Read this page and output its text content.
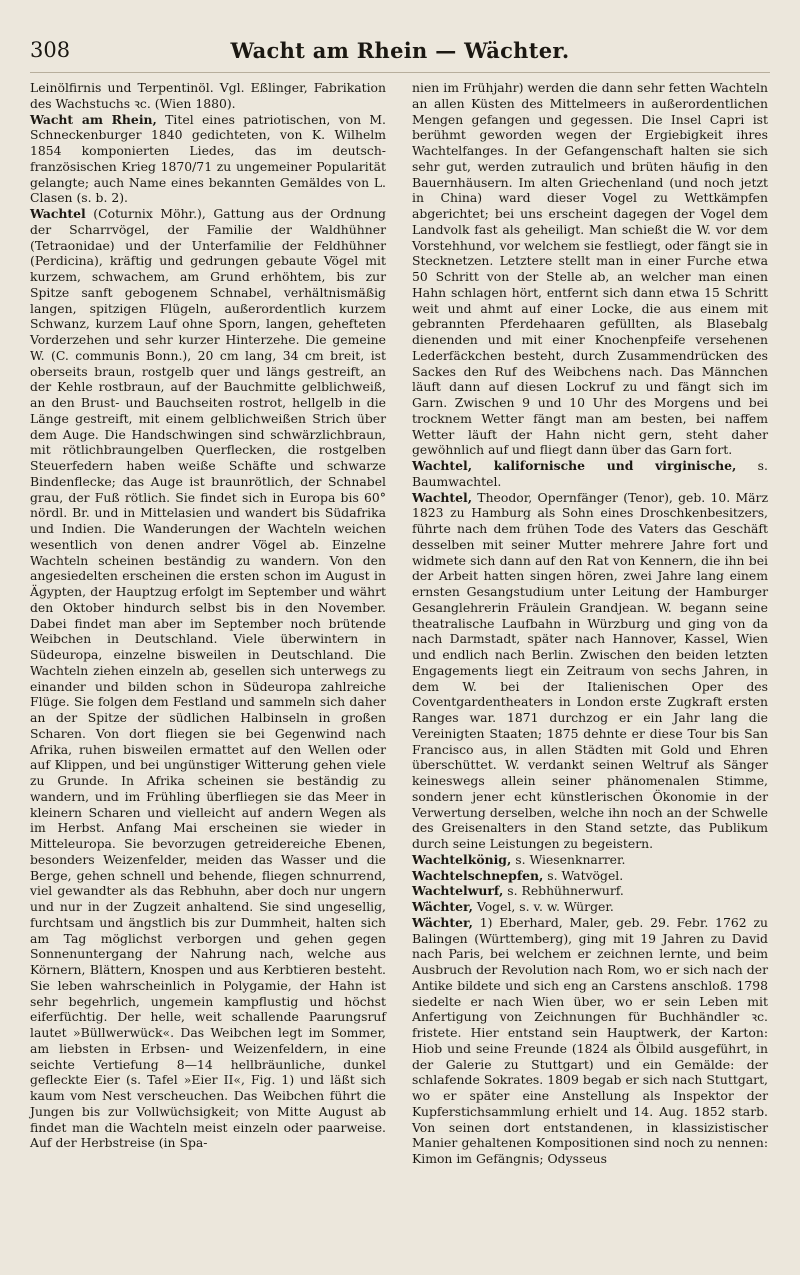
308	Wacht am Rhein — Wächter.

Leinölfirnis und Terpentinöl. Vgl. Eßlinger, Fabrikation des Wachstuchs ꝛc. (Wien 1880).

Wacht am Rhein, Titel eines patriotischen, von M. Schneckenburger 1840 gedichteten, von K. Wilhelm 1854 komponierten Liedes, das im deutsch-französischen Krieg 1870/71 zu ungemeiner Popularität gelangte; auch Name eines bekannten Gemäldes von L. Clasen (s. b. 2).

Wachtel (Coturnix Möhr.), Gattung aus der Ordnung der Scharrvögel, der Familie der Waldhühner (Tetraonidae) und der Unterfamilie der Feldhühner (Perdicina), kräftig und gedrungen gebaute Vögel mit kurzem, schwachem, am Grund erhöhtem, bis zur Spitze sanft gebogenem Schnabel, verhältnismäßig langen, spitzigen Flügeln, außerordentlich kurzem Schwanz, kurzem Lauf ohne Sporn, langen, gehefteten Vorderzehen und sehr kurzer Hinterzehe. Die gemeine W. (C. communis Bonn.), 20 cm lang, 34 cm breit, ist oberseits braun, rostgelb quer und längs gestreift, an der Kehle rostbraun, auf der Bauchmitte gelblichweiß, an den Brust- und Bauchseiten rostrot, hellgelb in die Länge gestreift, mit einem gelblichweißen Strich über dem Auge. Die Handschwingen sind schwärzlichbraun, mit rötlichbraungelben Querflecken, die rostgelben Steuerfedern haben weiße Schäfte und schwarze Bindenflecke; das Auge ist braunrötlich, der Schnabel grau, der Fuß rötlich. Sie findet sich in Europa bis 60° nördl. Br. und in Mittelasien und wandert bis Südafrika und Indien. Die Wanderungen der Wachteln weichen wesentlich von denen andrer Vögel ab. Einzelne Wachteln scheinen beständig zu wandern. Von den angesiedelten erscheinen die ersten schon im August in Ägypten, der Hauptzug erfolgt im September und währt den Oktober hindurch selbst bis in den November. Dabei findet man aber im September noch brütende Weibchen in Deutschland. Viele überwintern in Südeuropa, einzelne bisweilen in Deutschland. Die Wachteln ziehen einzeln ab, gesellen sich unterwegs zu einander und bilden schon in Südeuropa zahlreiche Flüge. Sie folgen dem Festland und sammeln sich daher an der Spitze der südlichen Halbinseln in großen Scharen. Von dort fliegen sie bei Gegenwind nach Afrika, ruhen bisweilen ermattet auf den Wellen oder auf Klippen, und bei ungünstiger Witterung gehen viele zu Grunde. In Afrika scheinen sie beständig zu wandern, und im Frühling überfliegen sie das Meer in kleinern Scharen und vielleicht auf andern Wegen als im Herbst. Anfang Mai erscheinen sie wieder in Mitteleuropa. Sie bevorzugen getreidereiche Ebenen, besonders Weizenfelder, meiden das Wasser und die Berge, gehen schnell und behende, fliegen schnurrend, viel gewandter als das Rebhuhn, aber doch nur ungern und nur in der Zugzeit anhaltend. Sie sind ungesellig, furchtsam und ängstlich bis zur Dummheit, halten sich am Tag möglichst verborgen und gehen gegen Sonnenuntergang der Nahrung nach, welche aus Körnern, Blättern, Knospen und aus Kerbtieren besteht. Sie leben wahrscheinlich in Polygamie, der Hahn ist sehr begehrlich, ungemein kampflustig und höchst eiferfüchtig. Der helle, weit schallende Paarungsruf lautet »Büllwerwück«. Das Weibchen legt im Sommer, am liebsten in Erbsen- und Weizenfeldern, in eine seichte Vertiefung 8—14 hellbräunliche, dunkel gefleckte Eier (s. Tafel »Eier II«, Fig. 1) und läßt sich kaum vom Nest verscheuchen. Das Weibchen führt die Jungen bis zur Vollwüchsigkeit; von Mitte August ab findet man die Wachteln meist einzeln oder paarweise. Auf der Herbstreise (in Spa-

nien im Frühjahr) werden die dann sehr fetten Wachteln an allen Küsten des Mittelmeers in außerordentlichen Mengen gefangen und gegessen. Die Insel Capri ist berühmt geworden wegen der Ergiebigkeit ihres Wachtelfanges. In der Gefangenschaft halten sie sich sehr gut, werden zutraulich und brüten häufig in den Bauernhäusern. Im alten Griechenland (und noch jetzt in China) ward dieser Vogel zu Wettkämpfen abgerichtet; bei uns erscheint dagegen der Vogel dem Landvolk fast als geheiligt. Man schießt die W. vor dem Vorstehhund, vor welchem sie festliegt, oder fängt sie in Stecknetzen. Letztere stellt man in einer Furche etwa 50 Schritt von der Stelle ab, an welcher man einen Hahn schlagen hört, entfernt sich dann etwa 15 Schritt weit und ahmt auf einer Locke, die aus einem mit gebrannten Pferdehaaren gefüllten, als Blasebalg dienenden und mit einer Knochenpfeife versehenen Lederfäckchen besteht, durch Zusammendrücken des Sackes den Ruf des Weibchens nach. Das Männchen läuft dann auf diesen Lockruf zu und fängt sich im Garn. Zwischen 9 und 10 Uhr des Morgens und bei trocknem Wetter fängt man am besten, bei naffem Wetter läuft der Hahn nicht gern, steht daher gewöhnlich auf und fliegt dann über das Garn fort.

Wachtel, kalifornische und virginische, s. Baumwachtel.

Wachtel, Theodor, Opernfänger (Tenor), geb. 10. März 1823 zu Hamburg als Sohn eines Droschkenbesitzers, führte nach dem frühen Tode des Vaters das Geschäft desselben mit seiner Mutter mehrere Jahre fort und widmete sich dann auf den Rat von Kennern, die ihn bei der Arbeit hatten singen hören, zwei Jahre lang einem ernsten Gesangstudium unter Leitung der Hamburger Gesanglehrerin Fräulein Grandjean. W. begann seine theatralische Laufbahn in Würzburg und ging von da nach Darmstadt, später nach Hannover, Kassel, Wien und endlich nach Berlin. Zwischen den beiden letzten Engagements liegt ein Zeitraum von sechs Jahren, in dem W. bei der Italienischen Oper des Coventgardentheaters in London erste Zugkraft ersten Ranges war. 1871 durchzog er ein Jahr lang die Vereinigten Staaten; 1875 dehnte er diese Tour bis San Francisco aus, in allen Städten mit Gold und Ehren überschüttet. W. verdankt seinen Weltruf als Sänger keineswegs allein seiner phänomenalen Stimme, sondern jener echt künstlerischen Ökonomie in der Verwertung derselben, welche ihn noch an der Schwelle des Greisenalters in den Stand setzte, das Publikum durch seine Leistungen zu begeistern.

Wachtelkönig, s. Wiesenknarrer.

Wachtelschnepfen, s. Watvögel.

Wachtelwurf, s. Rebhühnerwurf.

Wächter, Vogel, s. v. w. Würger.

Wächter, 1) Eberhard, Maler, geb. 29. Febr. 1762 zu Balingen (Württemberg), ging mit 19 Jahren zu David nach Paris, bei welchem er zeichnen lernte, und beim Ausbruch der Revolution nach Rom, wo er sich nach der Antike bildete und sich eng an Carstens anschloß. 1798 siedelte er nach Wien über, wo er sein Leben mit Anfertigung von Zeichnungen für Buchhändler ꝛc. fristete. Hier entstand sein Hauptwerk, der Karton: Hiob und seine Freunde (1824 als Ölbild ausgeführt, in der Galerie zu Stuttgart) und ein Gemälde: der schlafende Sokrates. 1809 begab er sich nach Stuttgart, wo er später eine Anstellung als Inspektor der Kupferstichsammlung erhielt und 14. Aug. 1852 starb. Von seinen dort entstandenen, in klassizistischer Manier gehaltenen Kompositionen sind noch zu nennen: Kimon im Gefängnis; Odysseus
